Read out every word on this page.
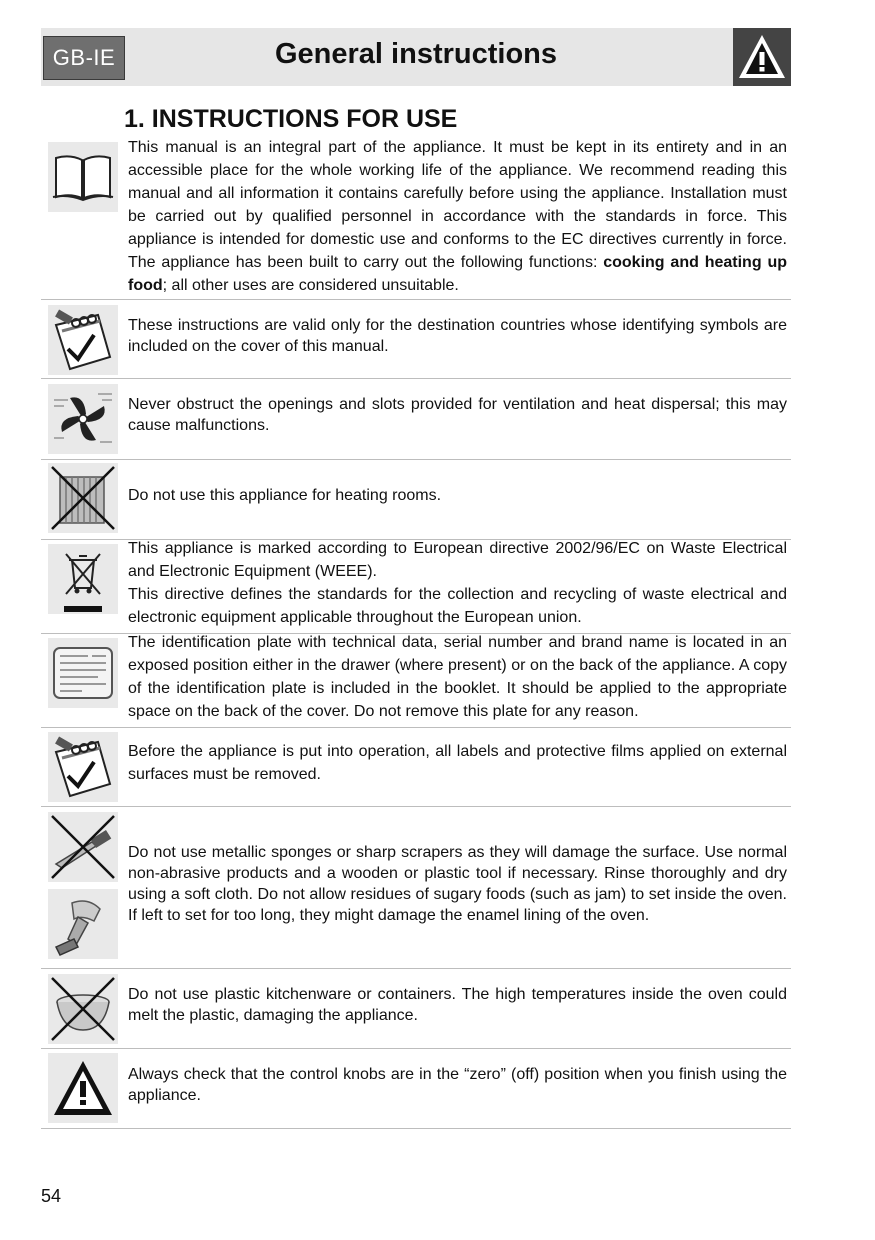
GB-IE	General instructions
1. INSTRUCTIONS FOR USE

This manual is an integral part of the appliance. It must be kept in its entirety and in an accessible place for the whole working life of the appliance. We recommend reading this manual and all information it contains carefully before using the appliance. Installation must be carried out by qualified personnel in accordance with the standards in force. This appliance is intended for domestic use and conforms to the EC directives currently in force. The appliance has been built to carry out the following functions: cooking and heating up food; all other uses are considered unsuitable.

These instructions are valid only for the destination countries whose identifying symbols are included on the cover of this manual.
Never obstruct the openings and slots provided for ventilation and heat dispersal; this may cause malfunctions.
Do not use this appliance for heating rooms.

This appliance is marked according to European directive 2002/96/EC on Waste Electrical and Electronic Equipment (WEEE).

This directive defines the standards for the collection and recycling of waste electrical and electronic equipment applicable throughout the European union.

The identification plate with technical data, serial number and brand name is located in an exposed position either in the drawer (where present) or on the back of the appliance. A copy of the identification plate is included in the booklet. It should be applied to the appropriate space on the back of the cover. Do not remove this plate for any reason.
Before the appliance is put into operation, all labels and protective films applied on external surfaces must be removed.
Do not use metallic sponges or sharp scrapers as they will damage the surface. Use normal non-abrasive products and a wooden or plastic tool if necessary. Rinse thoroughly and dry using a soft cloth. Do not allow residues of sugary foods (such as jam) to set inside the oven. If left to set for too long, they might damage the enamel lining of the oven.
Do not use plastic kitchenware or containers. The high temperatures inside the oven could melt the plastic, damaging the appliance.
Always check that the control knobs are in the “zero” (off) position when you finish using the appliance.
54
